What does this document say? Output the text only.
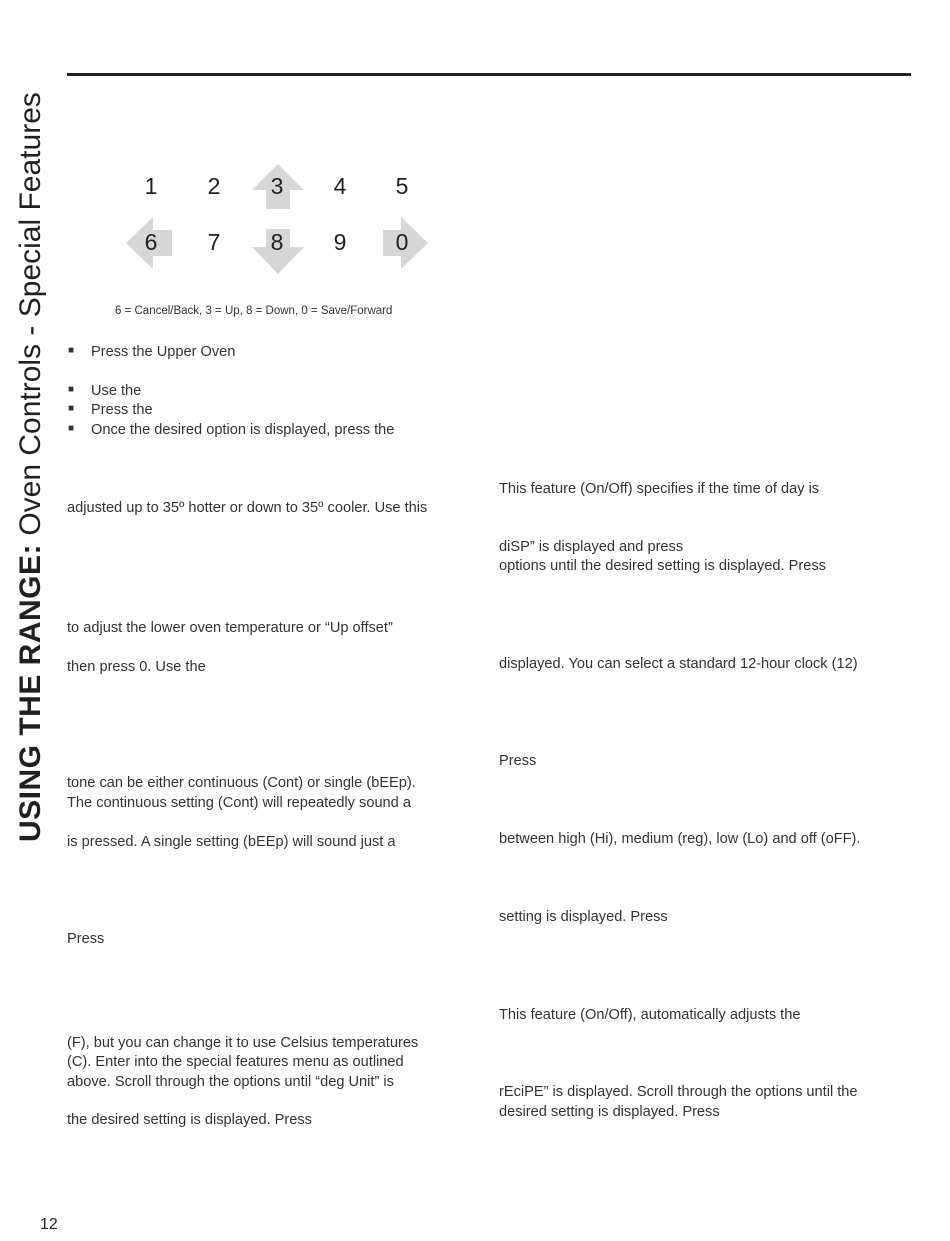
USING THE RANGE: Oven Controls - Special Features	1	2	3	4	5
6	7	8	9	0
6 = Cancel/Back, 3 = Up, 8 = Down, 0 = Save/Forward
■ Press the Upper Oven
■ Use the
■ Press the
■ Once the desired option is displayed, press the
adjusted up to 35º hotter or down to 35º cooler. Use this
to adjust the lower oven temperature or “Up offset”
then press 0. Use the
tone can be either continuous (Cont) or single (bEEp).
The continuous setting (Cont) will repeatedly sound a
is pressed. A single setting (bEEp) will sound just a
Press
(F), but you can change it to use Celsius temperatures
(C). Enter into the special features menu as outlined
above. Scroll through the options until “deg Unit” is
the desired setting is displayed. Press
This feature (On/Off) specifies if the time of day is
diSP” is displayed and press
options until the desired setting is displayed. Press
displayed. You can select a standard 12-hour clock (12)
Press
between high (Hi), medium (reg), low (Lo) and off (oFF).
setting is displayed. Press
This feature (On/Off), automatically adjusts the
rEciPE” is displayed. Scroll through the options until the
desired setting is displayed. Press
12
